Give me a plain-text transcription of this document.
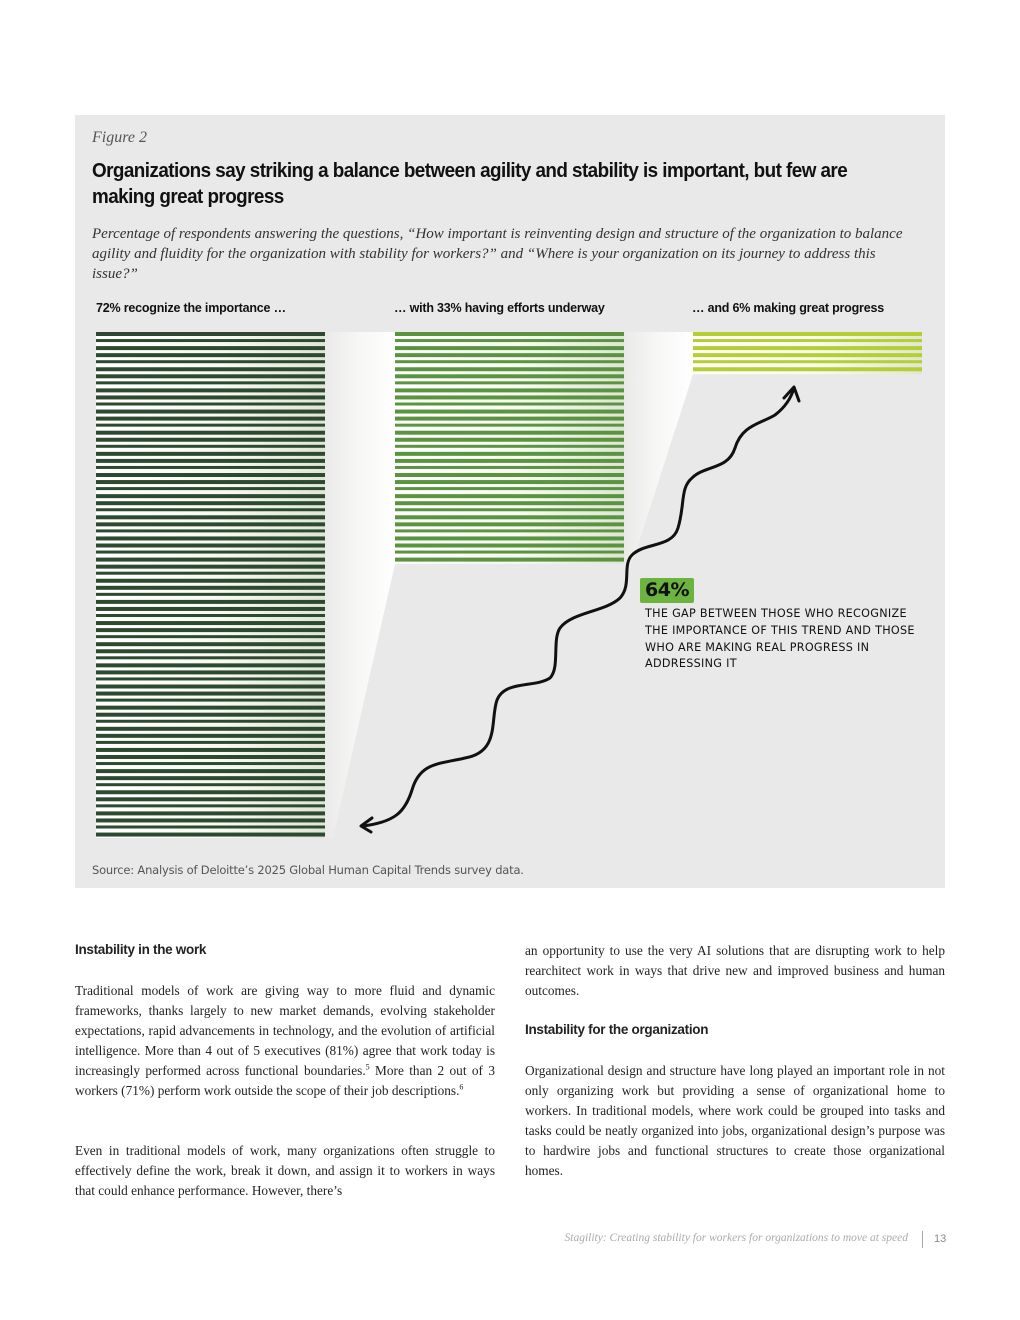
Figure 2
Organizations say striking a balance between agility and stability is important, but few are making great progress
Percentage of respondents answering the questions, “How important is reinventing design and structure of the organization to balance agility and fluidity for the organization with stability for workers?” and “Where is your organization on its journey to address this issue?”
72% recognize the importance …	… with 33% having efforts underway	… and 6% making great progress
64%
THE GAP BETWEEN THOSE WHO RECOGNIZE THE IMPORTANCE OF THIS TREND AND THOSE WHO ARE MAKING REAL PROGRESS IN ADDRESSING IT
Source: Analysis of Deloitte’s 2025 Global Human Capital Trends survey data.
Instability in the work
Traditional models of work are giving way to more fluid and dynamic frameworks, thanks largely to new market demands, evolving stakeholder expectations, rapid advancements in technology, and the evolution of artificial intelligence. More than 4 out of 5 executives (81%) agree that work today is increasingly performed across functional boundaries.$^5$ More than 2 out of 3 workers (71%) perform work outside the scope of their job descriptions.$^6$
Even in traditional models of work, many organizations often struggle to effectively define the work, break it down, and assign it to workers in ways that could enhance performance. However, there’s
an opportunity to use the very AI solutions that are disrupting work to help rearchitect work in ways that drive new and improved business and human outcomes.
Instability for the organization
Organizational design and structure have long played an important role in not only organizing work but providing a sense of organizational home to workers. In traditional models, where work could be grouped into tasks and tasks could be neatly organized into jobs, organizational design’s purpose was to hardwire jobs and functional structures to create those organizational homes.
Stagility: Creating stability for workers for organizations to move at speed 13
